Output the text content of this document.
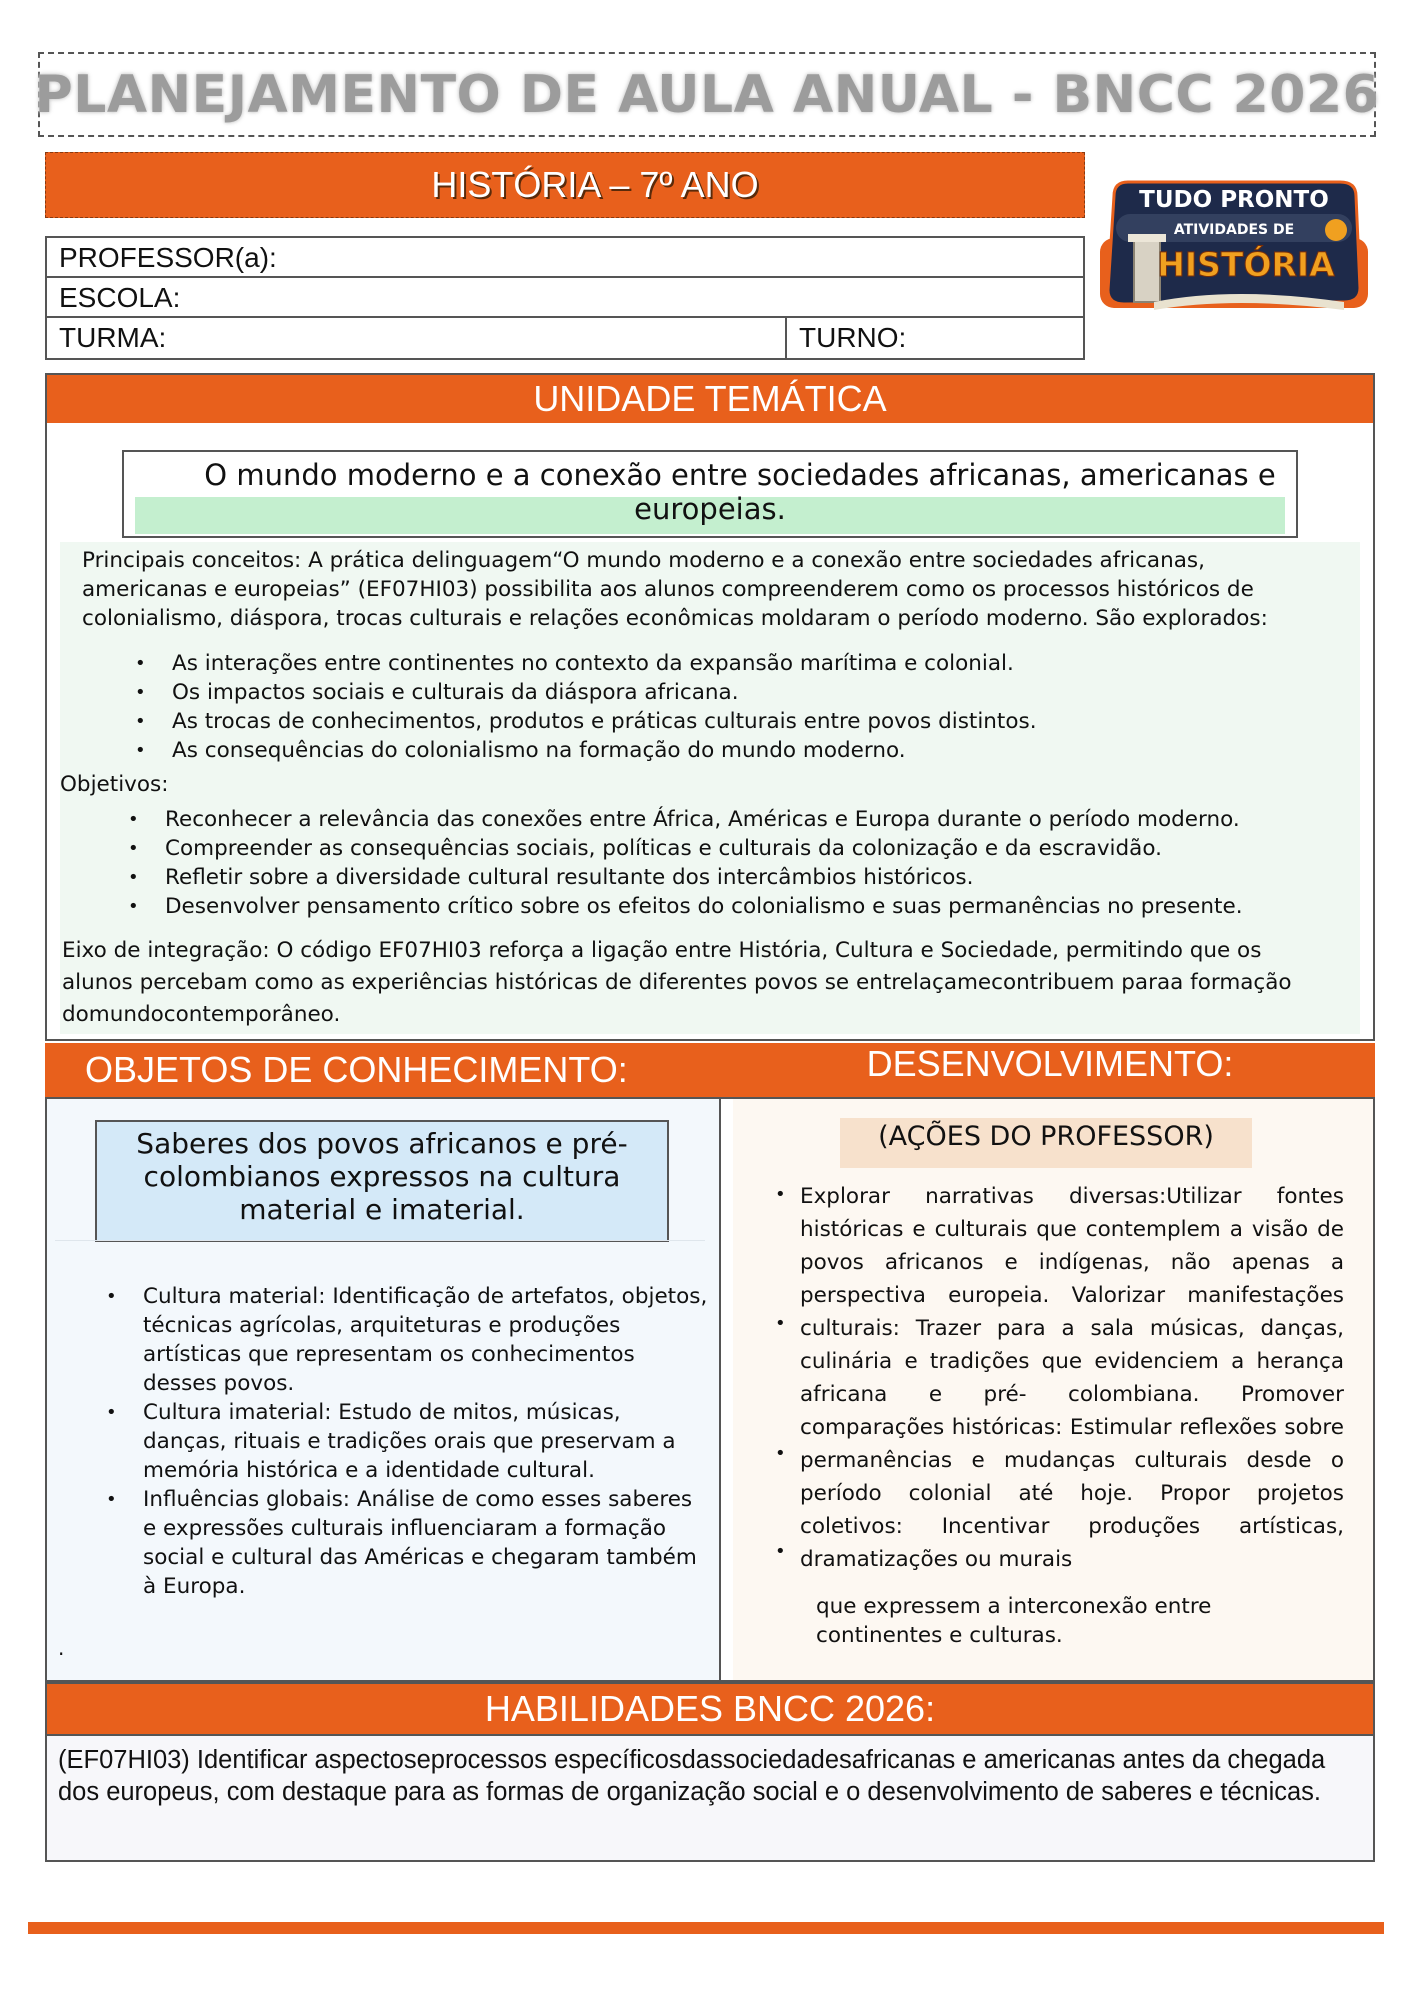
PLANEJAMENTO DE AULA ANUAL - BNCC 2026
HISTÓRIA – 7º ANO
PROFESSOR(a):
ESCOLA:
TURMA:	TURNO:
TUDO PRONTO
ATIVIDADES DE
HISTÓRIA
UNIDADE TEMÁTICA
O mundo moderno e a conexão entre sociedades africanas, americanas e
europeias.
Principais conceitos: A prática delinguagem“O mundo moderno e a conexão entre sociedades africanas,
americanas e europeias” (EF07HI03) possibilita aos alunos compreenderem como os processos históricos de
colonialismo, diáspora, trocas culturais e relações econômicas moldaram o período moderno. São explorados:
• As interações entre continentes no contexto da expansão marítima e colonial.
• Os impactos sociais e culturais da diáspora africana.
• As trocas de conhecimentos, produtos e práticas culturais entre povos distintos.
• As consequências do colonialismo na formação do mundo moderno.
Objetivos:
• Reconhecer a relevância das conexões entre África, Américas e Europa durante o período moderno.
• Compreender as consequências sociais, políticas e culturais da colonização e da escravidão.
• Refletir sobre a diversidade cultural resultante dos intercâmbios históricos.
• Desenvolver pensamento crítico sobre os efeitos do colonialismo e suas permanências no presente.
Eixo de integração: O código EF07HI03 reforça a ligação entre História, Cultura e Sociedade, permitindo que os
alunos percebam como as experiências históricas de diferentes povos se entrelaçamecontribuem paraa formação
domundocontemporâneo.
OBJETOS DE CONHECIMENTO:	DESENVOLVIMENTO:
Saberes dos povos africanos e pré-
colombianos expressos na cultura
material e imaterial.
• Cultura material: Identificação de artefatos, objetos, técnicas agrícolas, arquiteturas e produções artísticas que representam os conhecimentos desses povos.
• Cultura imaterial: Estudo de mitos, músicas, danças, rituais e tradições orais que preservam a memória histórica e a identidade cultural.
• Influências globais: Análise de como esses saberes e expressões culturais influenciaram a formação social e cultural das Américas e chegaram também à Europa.
.
(AÇÕES DO PROFESSOR)
•
•
•
•
Explorar narrativas diversas:Utilizar fontes históricas e culturais que contemplem a visão de povos africanos e indígenas, não apenas a perspectiva europeia. Valorizar manifestações culturais: Trazer para a sala músicas, danças, culinária e tradições que evidenciem a herança africana e pré- colombiana. Promover comparações históricas: Estimular reflexões sobre permanências e mudanças culturais desde o período colonial até hoje. Propor projetos coletivos: Incentivar produções artísticas, dramatizações ou murais
que expressem a interconexão entre continentes e culturas.
HABILIDADES BNCC 2026:
(EF07HI03) Identificar aspectoseprocessos específicosdassociedadesafricanas e americanas antes da chegada dos europeus, com destaque para as formas de organização social e o desenvolvimento de saberes e técnicas.
